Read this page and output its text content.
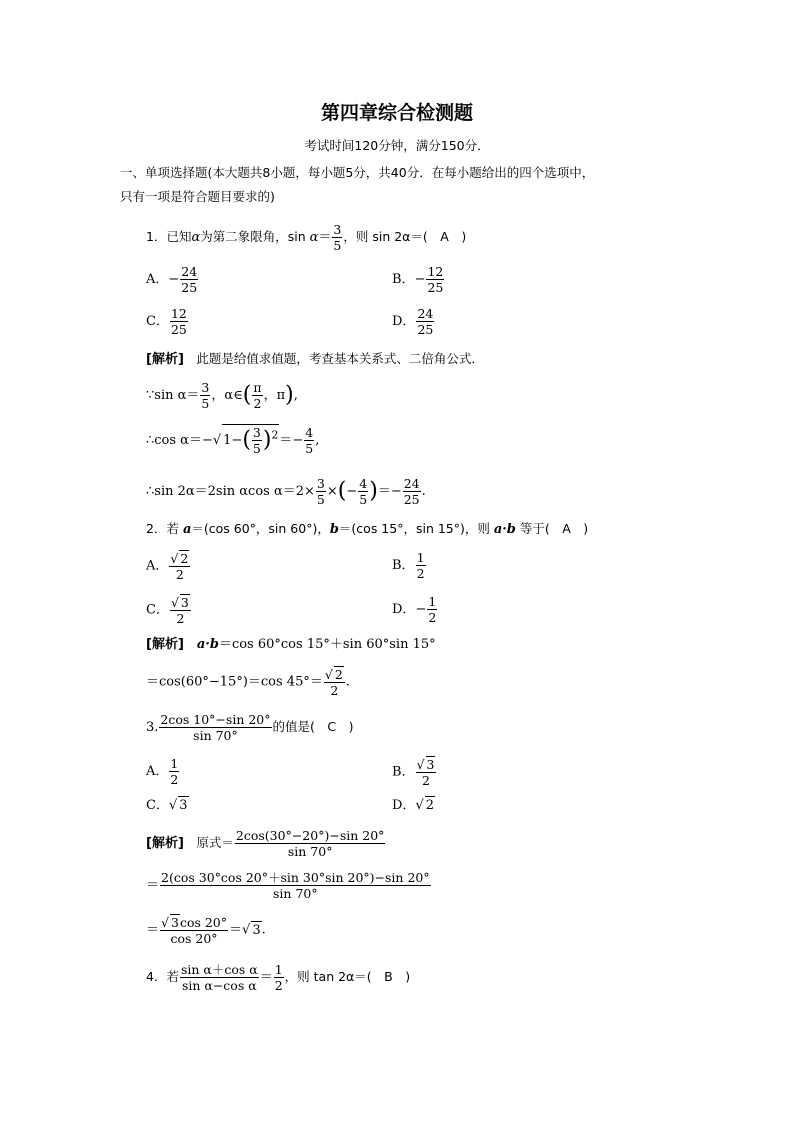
第四章综合检测题
考试时间120分钟，满分150分．
一、单项选择题(本大题共8小题，每小题5分，共40分．在每小题给出的四个选项中，
只有一项是符合题目要求的)
1．已知α为第二象限角，$\sin \alpha= \frac{3}{5}$ ，则 sin 2α＝(　A　)
A．− $\frac{24}{25}$	B．− $\frac{12}{25}$
C． $\frac{12}{25}$	D． $\frac{24}{25}$
[解析]　此题是给值求值题，考查基本关系式、二倍角公式．
∵sin $\alpha= \frac{3}{5}$ ，α∈( $\frac{\pi}{2}$ ，π),
∴cos α＝−√ $1-( \frac{3}{5} )^2=- \frac{4}{5}$ ,
∴sin 2α＝2sin αcos $\alpha=2\times \frac{3}{5}$ ×(− $\frac{4}{5}$ )＝− $\frac{24}{25}$ .
2．若 a＝(cos 60°，sin 60°)，b＝(cos 15°，sin 15°)，则 a·b 等于(　A　)
A． $\frac{√ 2}{2}$	B． $\frac{1}{2}$
C． $\frac{√ 3}{2}$	D．− $\frac{1}{2}$
[解析]　 a·b＝cos 60°cos 15°＋sin 60°sin 15°
＝cos(60°−15°)＝cos $45^\circ= \frac{√ 2}{2}$ .
3. $\frac{2\cos 10^\circ-\sin 20^\circ}{\sin 70^\circ}$ 的值是(　C　)
A． $\frac{1}{2}$	B． $\frac{√ 3}{2}$
C．√ 3	D．√ 2
[解析]　原式＝ $\frac{2\cos(30^\circ-20^\circ)-\sin 20^\circ}{\sin 70^\circ}$
＝ $\frac{2(\cos 30^\circ\cos 20^\circ+\sin 30^\circ\sin 20^\circ)-\sin 20^\circ}{\sin 70^\circ}$
＝ $\frac{√ 3\cos 20^\circ}{\cos 20^\circ}$ ＝√ 3.
4．若 $\frac{\text{sin α＋cos α}}{\text{sin α−cos α}} = \frac{1}{2}$ ，则 tan 2α＝(　B　)
